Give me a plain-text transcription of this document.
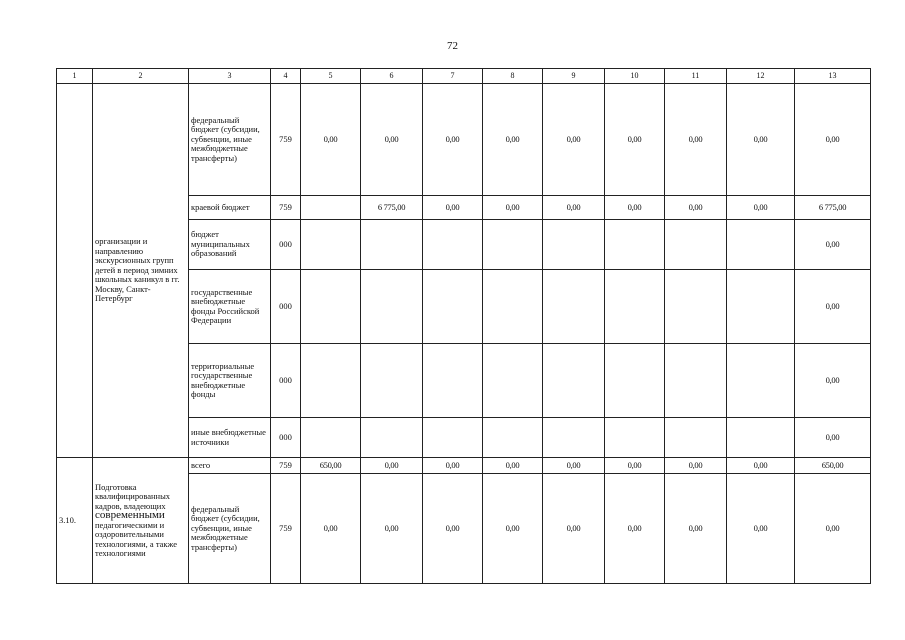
72
1	2	3	4	5	6	7	8	9	10	11	12	13
	организации и направлению экскурсионных групп детей в период зимних школьных каникул в гг. Москву, Санкт-Петербург	федеральный бюджет (субсидии, субвенции, иные межбюджетные трансферты)	759	0,00	0,00	0,00	0,00	0,00	0,00	0,00	0,00	0,00
		краевой бюджет	759		6 775,00	0,00	0,00	0,00	0,00	0,00	0,00	6 775,00
		бюджет муниципальных образований	000									0,00
		государственные внебюджетные фонды Российской Федерации	000									0,00
		территориальные государственные внебюджетные фонды	000									0,00
		иные внебюджетные источники	000									0,00
3.10.	Подготовка квалифицированных кадров, владеющих современными педагогическими и оздоровительными технологиями, а также технологиями	всего	759	650,00	0,00	0,00	0,00	0,00	0,00	0,00	0,00	650,00
		федеральный бюджет (субсидии, субвенции, иные межбюджетные трансферты)	759	0,00	0,00	0,00	0,00	0,00	0,00	0,00	0,00	0,00
